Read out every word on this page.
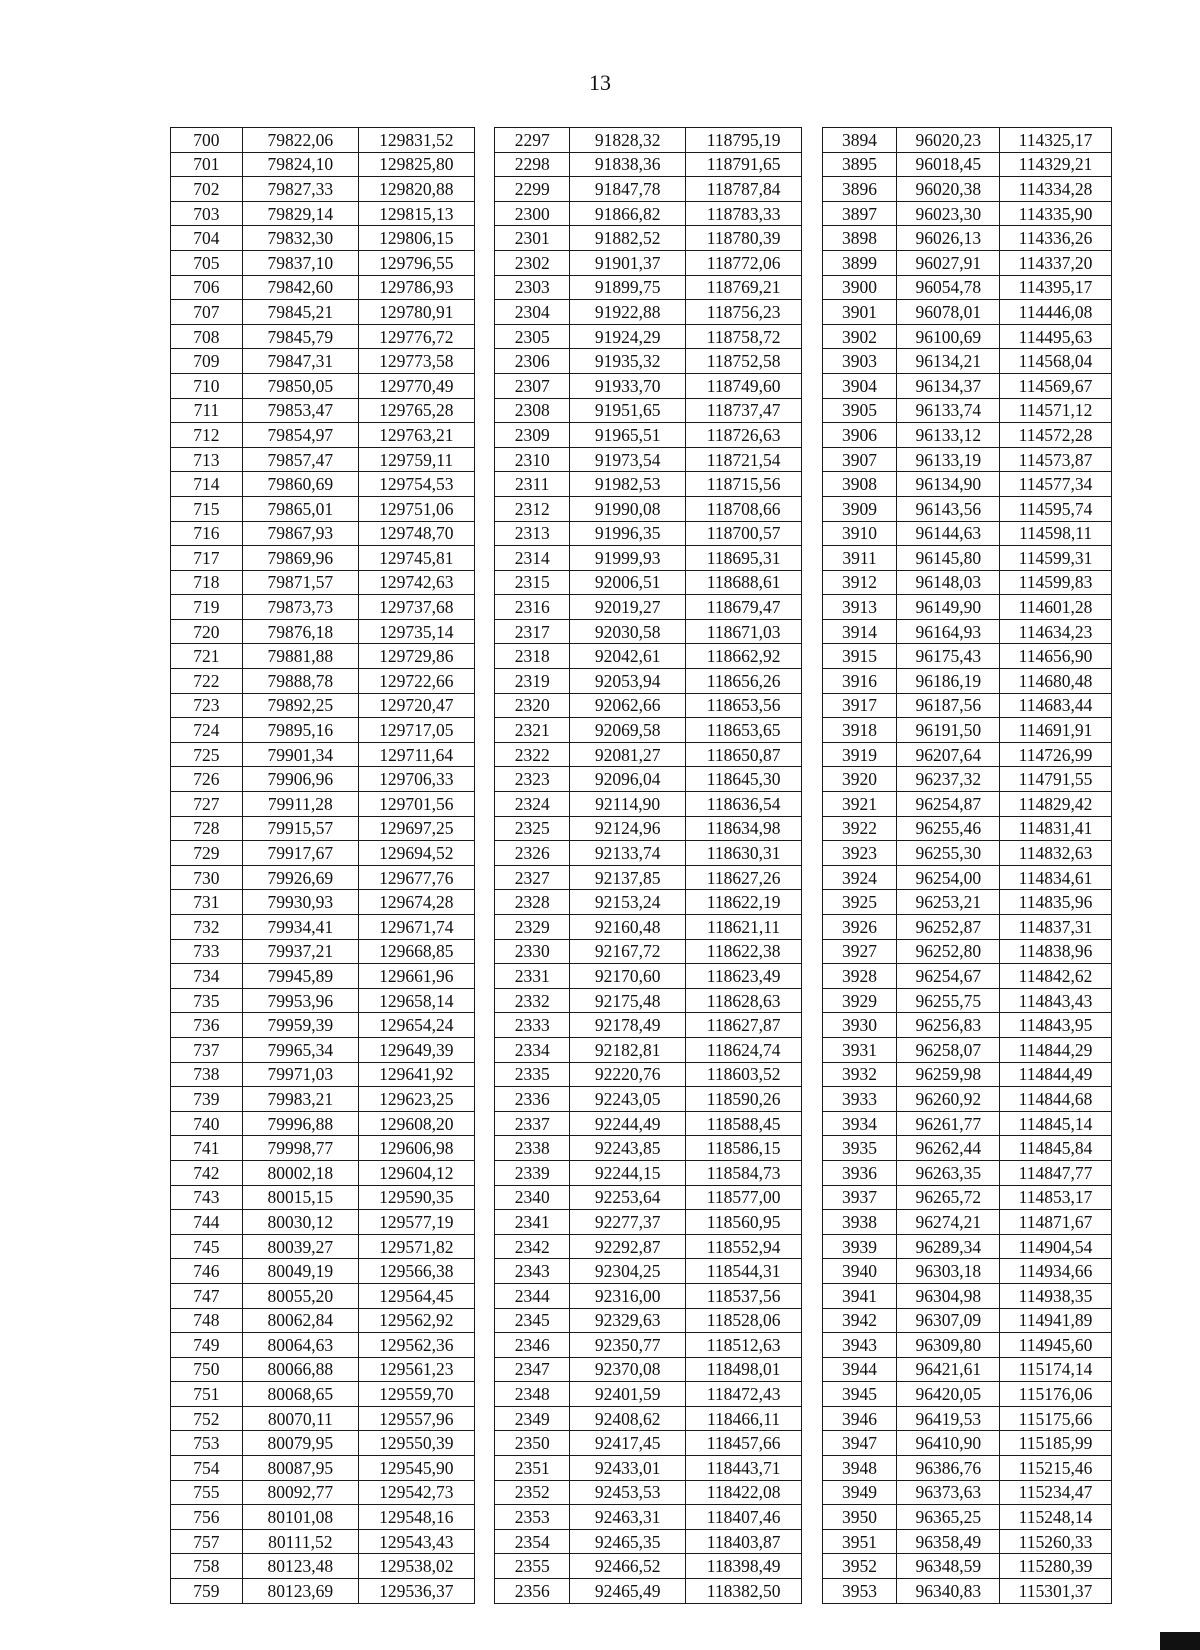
13
700	79822,06	129831,52		2297	91828,32	118795,19		3894	96020,23	114325,17
701	79824,10	129825,80		2298	91838,36	118791,65		3895	96018,45	114329,21
702	79827,33	129820,88		2299	91847,78	118787,84		3896	96020,38	114334,28
703	79829,14	129815,13		2300	91866,82	118783,33		3897	96023,30	114335,90
704	79832,30	129806,15		2301	91882,52	118780,39		3898	96026,13	114336,26
705	79837,10	129796,55		2302	91901,37	118772,06		3899	96027,91	114337,20
706	79842,60	129786,93		2303	91899,75	118769,21		3900	96054,78	114395,17
707	79845,21	129780,91		2304	91922,88	118756,23		3901	96078,01	114446,08
708	79845,79	129776,72		2305	91924,29	118758,72		3902	96100,69	114495,63
709	79847,31	129773,58		2306	91935,32	118752,58		3903	96134,21	114568,04
710	79850,05	129770,49		2307	91933,70	118749,60		3904	96134,37	114569,67
711	79853,47	129765,28		2308	91951,65	118737,47		3905	96133,74	114571,12
712	79854,97	129763,21		2309	91965,51	118726,63		3906	96133,12	114572,28
713	79857,47	129759,11		2310	91973,54	118721,54		3907	96133,19	114573,87
714	79860,69	129754,53		2311	91982,53	118715,56		3908	96134,90	114577,34
715	79865,01	129751,06		2312	91990,08	118708,66		3909	96143,56	114595,74
716	79867,93	129748,70		2313	91996,35	118700,57		3910	96144,63	114598,11
717	79869,96	129745,81		2314	91999,93	118695,31		3911	96145,80	114599,31
718	79871,57	129742,63		2315	92006,51	118688,61		3912	96148,03	114599,83
719	79873,73	129737,68		2316	92019,27	118679,47		3913	96149,90	114601,28
720	79876,18	129735,14		2317	92030,58	118671,03		3914	96164,93	114634,23
721	79881,88	129729,86		2318	92042,61	118662,92		3915	96175,43	114656,90
722	79888,78	129722,66		2319	92053,94	118656,26		3916	96186,19	114680,48
723	79892,25	129720,47		2320	92062,66	118653,56		3917	96187,56	114683,44
724	79895,16	129717,05		2321	92069,58	118653,65		3918	96191,50	114691,91
725	79901,34	129711,64		2322	92081,27	118650,87		3919	96207,64	114726,99
726	79906,96	129706,33		2323	92096,04	118645,30		3920	96237,32	114791,55
727	79911,28	129701,56		2324	92114,90	118636,54		3921	96254,87	114829,42
728	79915,57	129697,25		2325	92124,96	118634,98		3922	96255,46	114831,41
729	79917,67	129694,52		2326	92133,74	118630,31		3923	96255,30	114832,63
730	79926,69	129677,76		2327	92137,85	118627,26		3924	96254,00	114834,61
731	79930,93	129674,28		2328	92153,24	118622,19		3925	96253,21	114835,96
732	79934,41	129671,74		2329	92160,48	118621,11		3926	96252,87	114837,31
733	79937,21	129668,85		2330	92167,72	118622,38		3927	96252,80	114838,96
734	79945,89	129661,96		2331	92170,60	118623,49		3928	96254,67	114842,62
735	79953,96	129658,14		2332	92175,48	118628,63		3929	96255,75	114843,43
736	79959,39	129654,24		2333	92178,49	118627,87		3930	96256,83	114843,95
737	79965,34	129649,39		2334	92182,81	118624,74		3931	96258,07	114844,29
738	79971,03	129641,92		2335	92220,76	118603,52		3932	96259,98	114844,49
739	79983,21	129623,25		2336	92243,05	118590,26		3933	96260,92	114844,68
740	79996,88	129608,20		2337	92244,49	118588,45		3934	96261,77	114845,14
741	79998,77	129606,98		2338	92243,85	118586,15		3935	96262,44	114845,84
742	80002,18	129604,12		2339	92244,15	118584,73		3936	96263,35	114847,77
743	80015,15	129590,35		2340	92253,64	118577,00		3937	96265,72	114853,17
744	80030,12	129577,19		2341	92277,37	118560,95		3938	96274,21	114871,67
745	80039,27	129571,82		2342	92292,87	118552,94		3939	96289,34	114904,54
746	80049,19	129566,38		2343	92304,25	118544,31		3940	96303,18	114934,66
747	80055,20	129564,45		2344	92316,00	118537,56		3941	96304,98	114938,35
748	80062,84	129562,92		2345	92329,63	118528,06		3942	96307,09	114941,89
749	80064,63	129562,36		2346	92350,77	118512,63		3943	96309,80	114945,60
750	80066,88	129561,23		2347	92370,08	118498,01		3944	96421,61	115174,14
751	80068,65	129559,70		2348	92401,59	118472,43		3945	96420,05	115176,06
752	80070,11	129557,96		2349	92408,62	118466,11		3946	96419,53	115175,66
753	80079,95	129550,39		2350	92417,45	118457,66		3947	96410,90	115185,99
754	80087,95	129545,90		2351	92433,01	118443,71		3948	96386,76	115215,46
755	80092,77	129542,73		2352	92453,53	118422,08		3949	96373,63	115234,47
756	80101,08	129548,16		2353	92463,31	118407,46		3950	96365,25	115248,14
757	80111,52	129543,43		2354	92465,35	118403,87		3951	96358,49	115260,33
758	80123,48	129538,02		2355	92466,52	118398,49		3952	96348,59	115280,39
759	80123,69	129536,37		2356	92465,49	118382,50		3953	96340,83	115301,37
